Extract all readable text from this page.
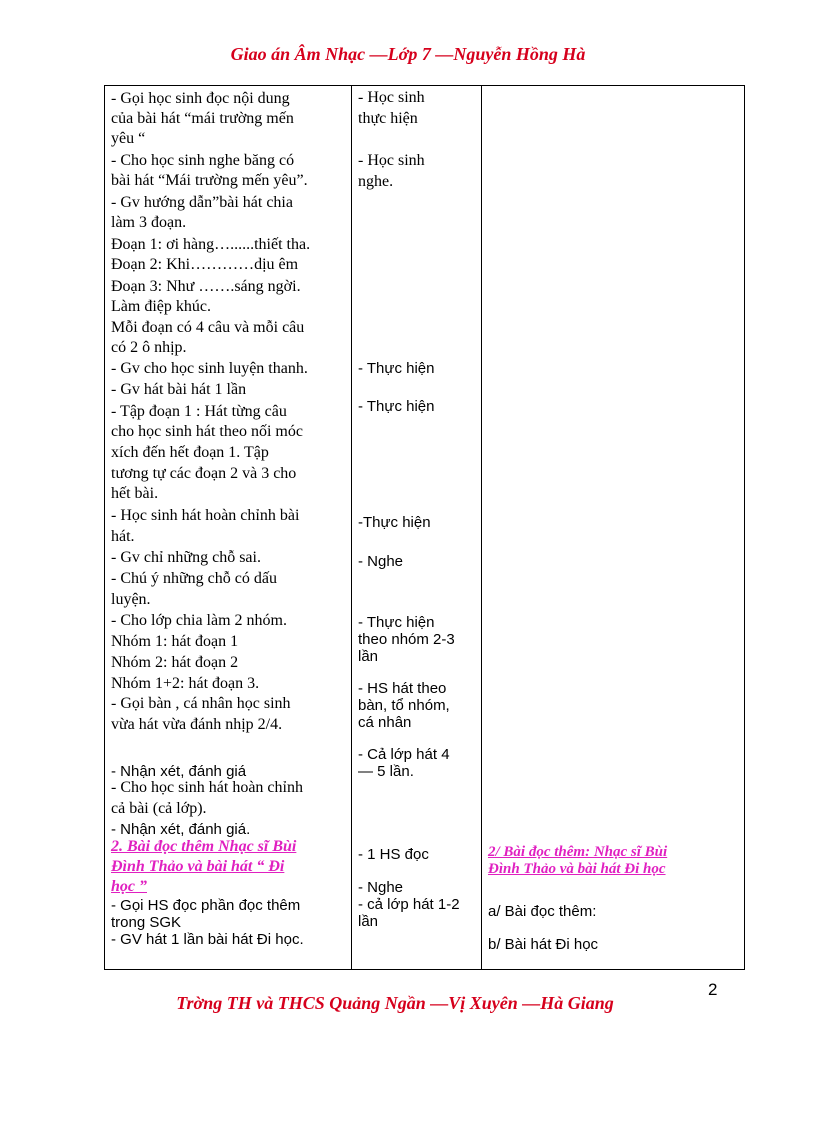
Giao án Âm Nhạc —Lớp 7 —Nguyễn Hồng Hà
- Gọi học sinh đọc nội dung
của bài hát “mái trường mến
yêu “
- Cho học sinh nghe băng có
bài hát “Mái trường mến yêu”.
- Gv hướng dẫn”bài hát chia
làm 3 đoạn.
Đoạn 1: ơi hàng…......thiết tha.
Đoạn 2: Khi…………dịu êm
Đoạn 3: Như …….sáng ngời.
Làm điệp khúc.
Mỗi đoạn có 4 câu và mỗi câu
có 2 ô nhịp.
- Gv cho học sinh luyện thanh.
- Gv hát bài hát 1 lần
- Tập đoạn 1 : Hát từng câu
cho học sinh hát theo nối móc
xích đến hết đoạn 1. Tập
tương tự các đoạn 2 và 3 cho
hết bài.
- Học sinh hát hoàn chỉnh bài
hát.
- Gv chỉ những chỗ sai.
- Chú ý những chỗ có dấu
luyện.
- Cho lớp chia làm 2 nhóm.
Nhóm 1: hát đoạn 1
Nhóm 2: hát đoạn 2
Nhóm 1+2: hát đoạn 3.
- Gọi bàn , cá nhân học sinh
vừa hát vừa đánh nhịp 2/4.
- Nhận xét, đánh giá
- Cho học sinh hát hoàn chỉnh
cả bài (cả lớp).
- Nhận xét, đánh giá.
2. Bài đọc thêm Nhạc sĩ Bùi
Đình Thảo và bài hát “ Đi
học ”
- Gọi HS đọc phần đọc thêm
trong SGK
- GV hát 1 lần bài hát Đi học.
- Học sinh
thực hiện
- Học sinh
nghe.
- Thực hiện
- Thực hiện
-Thực hiện
- Nghe
- Thực hiện
theo nhóm 2-3
lần
- HS hát theo
bàn, tổ nhóm,
cá nhân
- Cả lớp hát 4
— 5 lần.
- 1 HS đọc
- Nghe
- cả lớp hát 1-2
lần
2/ Bài đọc thêm: Nhạc sĩ Bùi
Đình Thảo và bài hát Đi học
a/ Bài đọc thêm:
b/ Bài hát Đi học
2
Trờng TH và THCS Quảng Ngần —Vị Xuyên —Hà Giang
